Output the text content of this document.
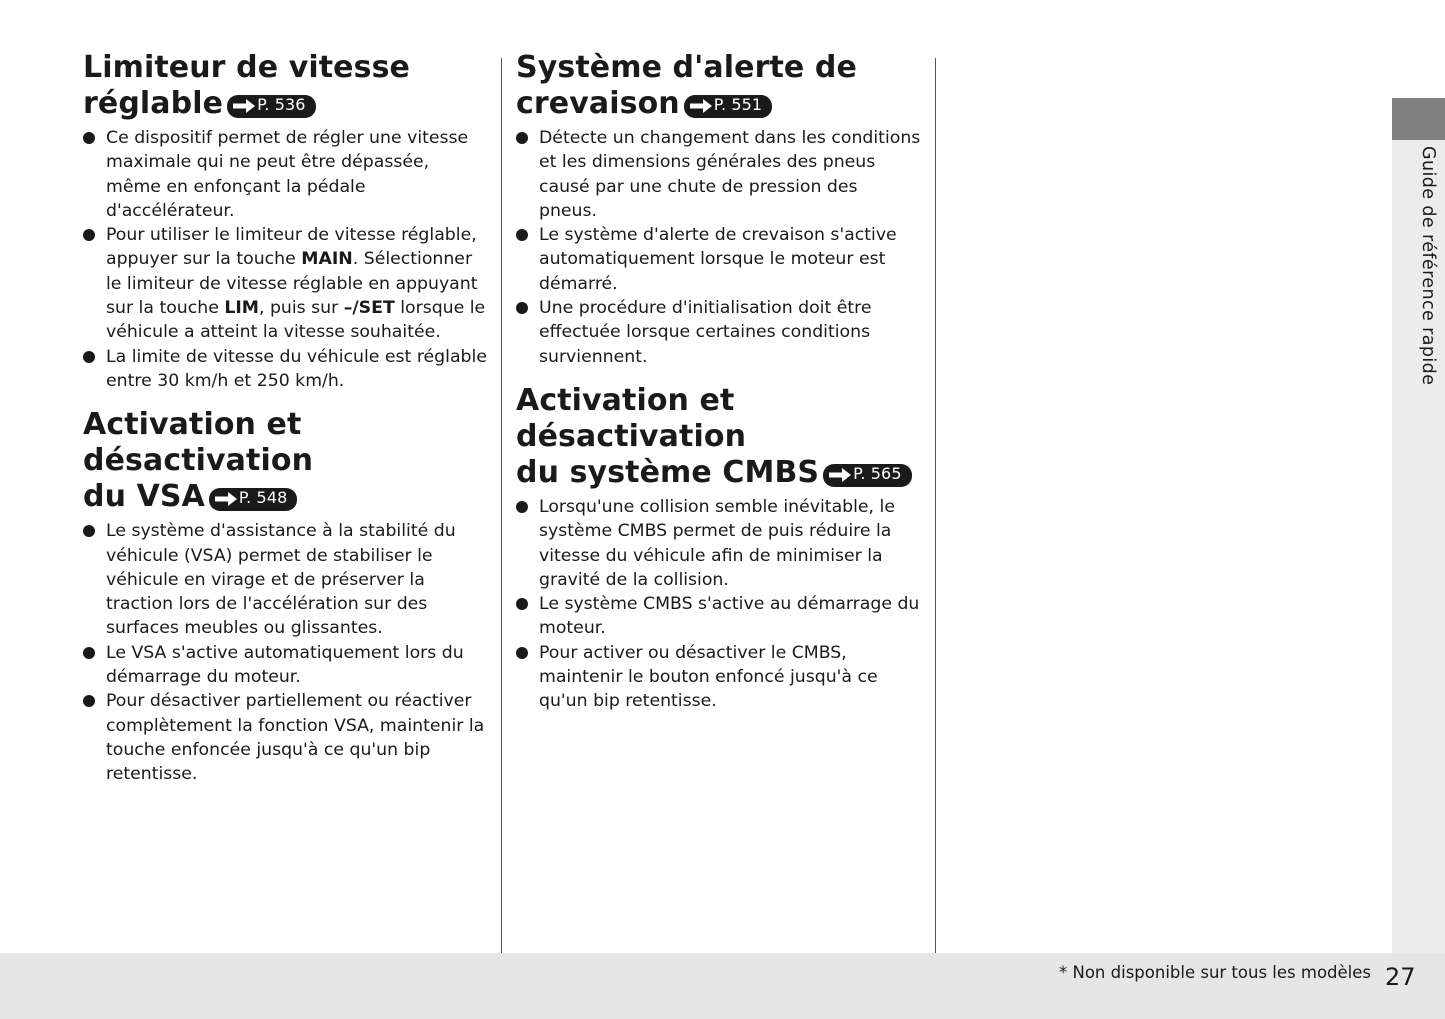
Limiteur de vitesse
réglable P. 536
Ce dispositif permet de régler une vitesse maximale qui ne peut être dépassée, même en enfonçant la pédale d'accélérateur.
Pour utiliser le limiteur de vitesse réglable, appuyer sur la touche MAIN. Sélectionner le limiteur de vitesse réglable en appuyant sur la touche LIM, puis sur –/SET lorsque le véhicule a atteint la vitesse souhaitée.
La limite de vitesse du véhicule est réglable entre 30 km/h et 250 km/h.
Activation et désactivation
du VSA P. 548
Le système d'assistance à la stabilité du véhicule (VSA) permet de stabiliser le véhicule en virage et de préserver la traction lors de l'accélération sur des surfaces meubles ou glissantes.
Le VSA s'active automatiquement lors du démarrage du moteur.
Pour désactiver partiellement ou réactiver complètement la fonction VSA, maintenir la touche enfoncée jusqu'à ce qu'un bip retentisse.
Système d'alerte de
crevaison P. 551
Détecte un changement dans les conditions et les dimensions générales des pneus causé par une chute de pression des pneus.
Le système d'alerte de crevaison s'active automatiquement lorsque le moteur est démarré.
Une procédure d'initialisation doit être effectuée lorsque certaines conditions surviennent.
Activation et désactivation
du système CMBS P. 565
Lorsqu'une collision semble inévitable, le système CMBS permet de puis réduire la vitesse du véhicule afin de minimiser la gravité de la collision.
Le système CMBS s'active au démarrage du moteur.
Pour activer ou désactiver le CMBS, maintenir le bouton enfoncé jusqu'à ce qu'un bip retentisse.
Guide de référence rapide
* Non disponible sur tous les modèles 27
